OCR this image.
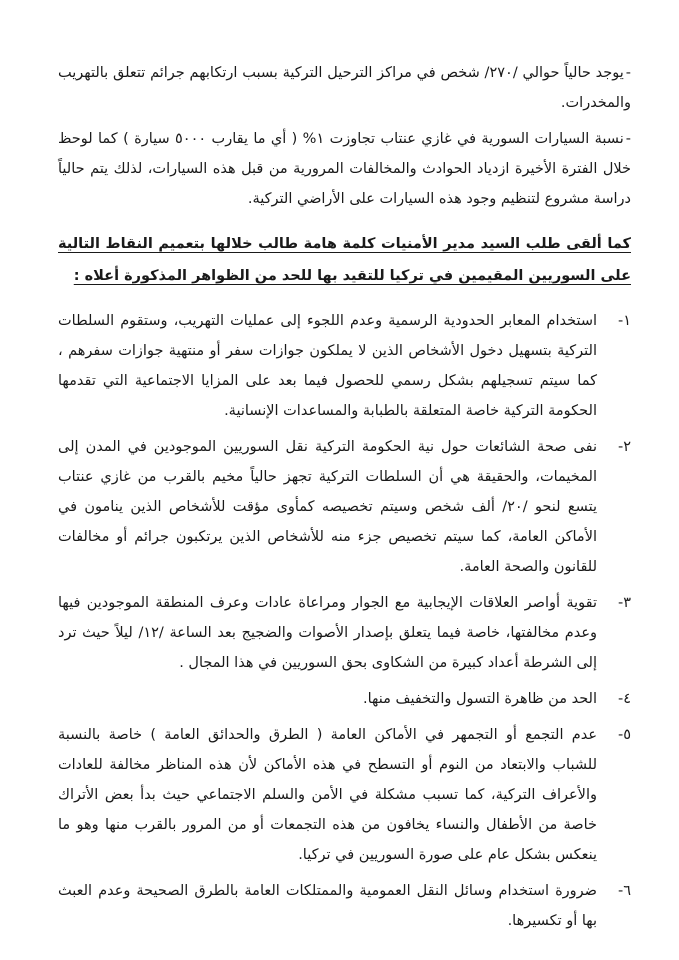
-يوجد حالياً حوالي /٢٧٠/ شخص في مراكز الترحيل التركية بسبب ارتكابهم جرائم تتعلق بالتهريب والمخدرات.

-نسبة السيارات السورية في غازي عنتاب تجاوزت ١% ( أي ما يقارب ٥٠٠٠ سيارة ) كما لوحظ خلال الفترة الأخيرة ازدياد الحوادث والمخالفات المرورية من قبل هذه السيارات، لذلك يتم حالياً دراسة مشروع لتنظيم وجود هذه السيارات على الأراضي التركية.

كما ألقى طلب السيد مدير الأمنيات كلمة هامة طالب خلالها بتعميم النقاط التالية على السوريين المقيمين في تركيا للتقيد بها للحد من الظواهر المذكورة أعلاه :

١-
استخدام المعابر الحدودية الرسمية وعدم اللجوء إلى عمليات التهريب، وستقوم السلطات التركية بتسهيل دخول الأشخاص الذين لا يملكون جوازات سفر أو منتهية جوازات سفرهم ، كما سيتم تسجيلهم بشكل رسمي للحصول فيما بعد على المزايا الاجتماعية التي تقدمها الحكومة التركية خاصة المتعلقة بالطبابة والمساعدات الإنسانية.
٢-
نفى صحة الشائعات حول نية الحكومة التركية نقل السوريين الموجودين في المدن إلى المخيمات، والحقيقة هي أن السلطات التركية تجهز حالياً مخيم بالقرب من غازي عنتاب يتسع لنحو /٢٠/ ألف شخص وسيتم تخصيصه كمأوى مؤقت للأشخاص الذين ينامون في الأماكن العامة، كما سيتم تخصيص جزء منه للأشخاص الذين يرتكبون جرائم أو مخالفات للقانون والصحة العامة.
٣-
تقوية أواصر العلاقات الإيجابية مع الجوار ومراعاة عادات وعرف المنطقة الموجودين فيها وعدم مخالفتها، خاصة فيما يتعلق بإصدار الأصوات والضجيج بعد الساعة /١٢/ ليلاً حيث ترد إلى الشرطة أعداد كبيرة من الشكاوى بحق السوريين في هذا المجال .
٤-
الحد من ظاهرة التسول والتخفيف منها.
٥-
عدم التجمع أو التجمهر في الأماكن العامة ( الطرق والحدائق العامة ) خاصة بالنسبة للشباب والابتعاد من النوم أو التسطح في هذه الأماكن لأن هذه المناظر مخالفة للعادات والأعراف التركية، كما تسبب مشكلة في الأمن والسلم الاجتماعي حيث بدأ بعض الأتراك خاصة من الأطفال والنساء يخافون من هذه التجمعات أو من المرور بالقرب منها وهو ما ينعكس بشكل عام على صورة السوريين في تركيا.
٦-
ضرورة استخدام وسائل النقل العمومية والممتلكات العامة بالطرق الصحيحة وعدم العبث بها أو تكسيرها.
